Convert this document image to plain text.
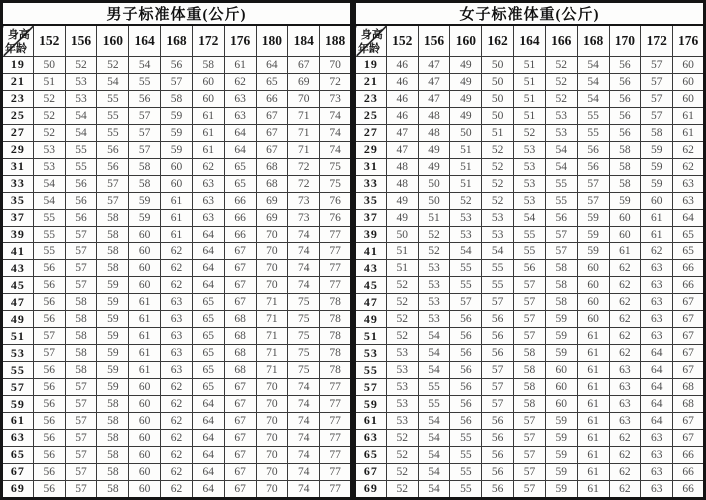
男子标准体重(公斤)										

身高
年龄	152	156	160	164	168	172	176	180	184	188
19	50	52	52	54	56	58	61	64	67	70
21	51	53	54	55	57	60	62	65	69	72
23	52	53	55	56	58	60	63	66	70	73
25	52	54	55	57	59	61	63	67	71	74
27	52	54	55	57	59	61	64	67	71	74
29	53	55	56	57	59	61	64	67	71	74
31	53	55	56	58	60	62	65	68	72	75
33	54	56	57	58	60	63	65	68	72	75
35	54	56	57	59	61	63	66	69	73	76
37	55	56	58	59	61	63	66	69	73	76
39	55	57	58	60	61	64	66	70	74	77
41	55	57	58	60	62	64	67	70	74	77
43	56	57	58	60	62	64	67	70	74	77
45	56	57	59	60	62	64	67	70	74	77
47	56	58	59	61	63	65	67	71	75	78
49	56	58	59	61	63	65	68	71	75	78
51	57	58	59	61	63	65	68	71	75	78
53	57	58	59	61	63	65	68	71	75	78
55	56	58	59	61	63	65	68	71	75	78
57	56	57	59	60	62	65	67	70	74	77
59	56	57	58	60	62	64	67	70	74	77
61	56	57	58	60	62	64	67	70	74	77
63	56	57	58	60	62	64	67	70	74	77
65	56	57	58	60	62	64	67	70	74	77
67	56	57	58	60	62	64	67	70	74	77
69	56	57	58	60	62	64	67	70	74	77
女子标准体重(公斤)										

身高
年龄	152	156	160	162	164	166	168	170	172	176
19	46	47	49	50	51	52	54	56	57	60
21	46	47	49	50	51	52	54	56	57	60
23	46	47	49	50	51	52	54	56	57	60
25	46	48	49	50	51	53	55	56	57	61
27	47	48	50	51	52	53	55	56	58	61
29	47	49	51	52	53	54	56	58	59	62
31	48	49	51	52	53	54	56	58	59	62
33	48	50	51	52	53	55	57	58	59	63
35	49	50	52	52	53	55	57	59	60	63
37	49	51	53	53	54	56	59	60	61	64
39	50	52	53	53	55	57	59	60	61	65
41	51	52	54	54	55	57	59	61	62	65
43	51	53	55	55	56	58	60	62	63	66
45	52	53	55	55	57	58	60	62	63	66
47	52	53	57	57	57	58	60	62	63	67
49	52	53	56	56	57	59	60	62	63	67
51	52	54	56	56	57	59	61	62	63	67
53	53	54	56	56	58	59	61	62	64	67
55	53	54	56	57	58	60	61	63	64	67
57	53	55	56	57	58	60	61	63	64	68
59	53	55	56	57	58	60	61	63	64	68
61	53	54	56	56	57	59	61	63	64	67
63	52	54	55	56	57	59	61	62	63	67
65	52	54	55	56	57	59	61	62	63	66
67	52	54	55	56	57	59	61	62	63	66
69	52	54	55	56	57	59	61	62	63	66
